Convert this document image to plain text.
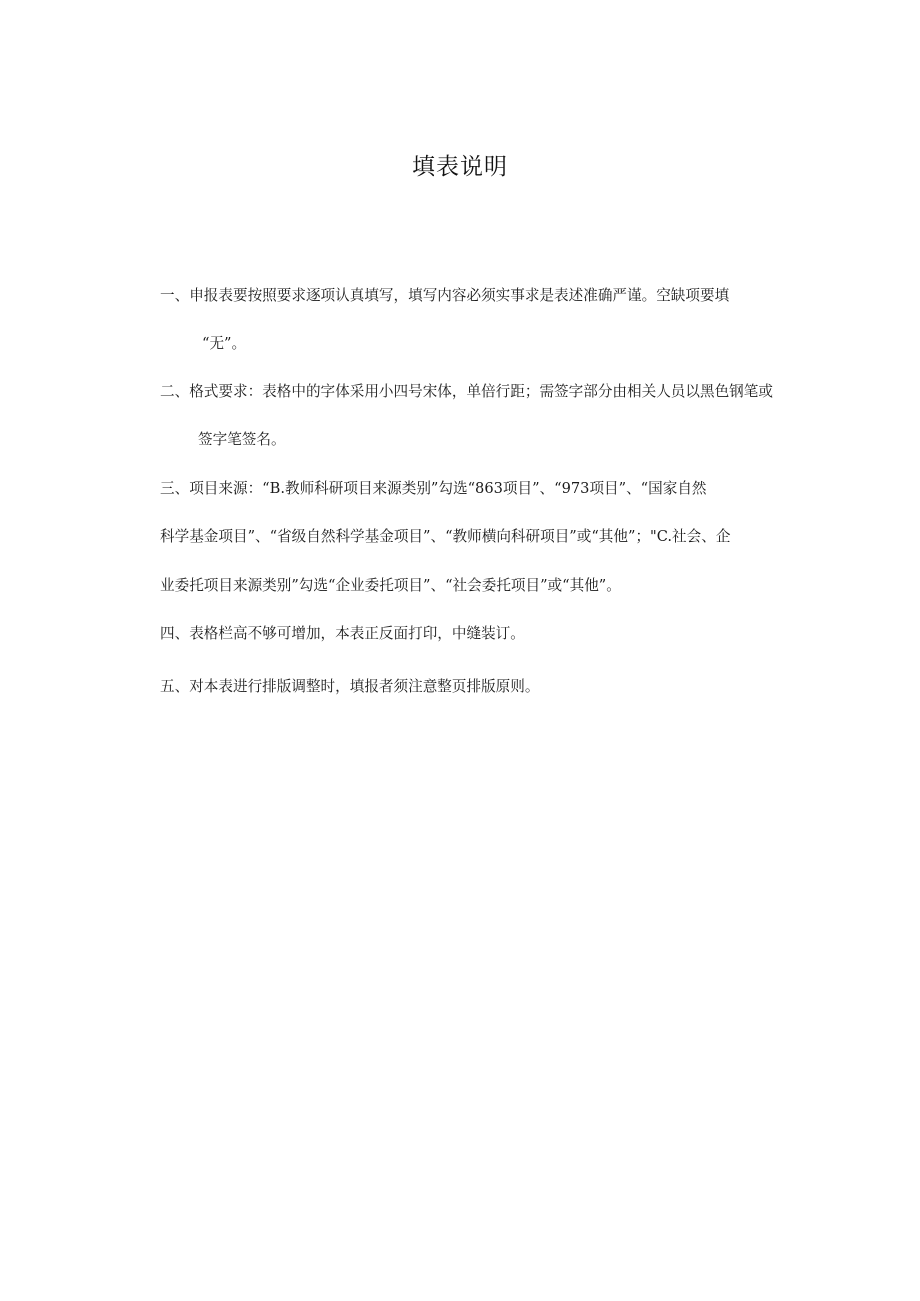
填表说明
一、申报表要按照要求逐项认真填写，填写内容必须实事求是表述准确严谨。空缺项要填
“无”。
二、格式要求：表格中的字体采用小四号宋体，单倍行距；需签字部分由相关人员以黑色钢笔或
签字笔签名。
三、项目来源：“B.教师科研项目来源类别”勾选“863项目”、“973项目”、“国家自然
科学基金项目”、“省级自然科学基金项目”、“教师横向科研项目”或“其他”；"C.社会、企
业委托项目来源类别”勾选“企业委托项目”、“社会委托项目”或“其他”。
四、表格栏高不够可增加，本表正反面打印，中缝装订。
五、对本表进行排版调整时，填报者须注意整页排版原则。
